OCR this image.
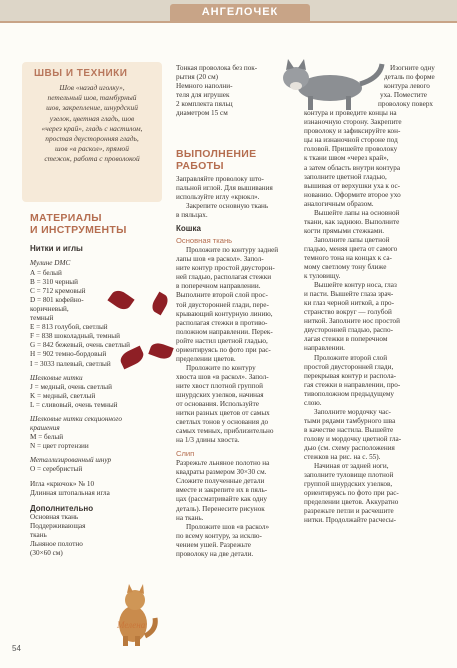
АНГЕЛОЧЕК
ШВЫ И ТЕХНИКИ
Шов «назад иголку»,
петельный шов, тамбурный
шов, закрепление, шнурдский
узелок, цветная гладь, шов
«через край», гладь с настилом,
простая двусторонняя гладь,
шов «в раскол», прямой
стежок, работа с проволокой
МАТЕРИАЛЫ
И ИНСТРУМЕНТЫ
Нитки и иглы
Мулине DMC
А = белый
В = 310 черный
С = 712 кремовый
D = 801 кофейно-
коричневый,
темный
Е = 813 голубой, светлый
F = 838 шоколадный, темный
G = 842 бежевый, очень светлый
Н = 902 темно-бордовый
I = 3033 палевый, светлый
Шелковые нитки
J = медный, очень светлый
K = медный, светлый
L = сливовый, очень темный
Шелковые нитки секционного
крашения
M = белый
N = цвет гортензии
Металлизированный шнур
O = серебристый
Игла «крючок» № 10
Длинная штопальная игла
Дополнительно
Основная ткань
Поддерживающая
ткань
Льняное полотно
(30×60 см)
Мелена
Тонкая проволока без пок-
рытия (20 см)
Немного наполни-
теля для игрушек
2 комплекта пяльц
диаметром 15 см
ВЫПОЛНЕНИЕ РАБОТЫ
Заправляйте проволоку што-
пальной иглой. Для вышивания
используйте иглу «крюкл».
Закрепите основную ткань
в пяльцах.
Кошка
Основная ткань
Проложите по контуру задней
лапы шов «в раскол». Запол-
ните контур простой двусторон-
ней гладью, располагая стежки
в поперечном направлении.
Выполните второй слой прос-
той двусторонней глади, пере-
крывающий контурную линию,
располагая стежки в противо-
положном направлении. Перек-
ройте настил цветной гладью,
ориентируясь по фото при рас-
пределении цветов.
Проложите по контуру
хвоста шов «в раскол». Запол-
ните хвост плотной группой
шнурдских узелков, начиная
от основания. Используйте
нитки разных цветов от самых
светлых тонов у основания до
самых темных, приблизительно
на 1/3 длины хвоста.
Слип
Разрежьте льняное полотно на
квадраты размером 30×30 см.
Сложите полученные детали
вместе и закрепите их в пяль-
цах (рассматривайте как одну
деталь). Перенесите рисунок
на ткань.
Проложите шов «в раскол»
по всему контуру, за исклю-
чением ушей. Разрежьте
проволоку на две детали.
Изогните одну
деталь по форме
контура левого
уха. Поместите
проволоку поверх
контура и проведите концы на
изнаночную сторону. Закрепите
проволоку и зафиксируйте кон-
цы на изнаночной стороне под
головой. Пришейте проволоку
к ткани швом «через край»,
а затем область внутри контура
заполните цветной гладью,
вышивая от верхушки уха к ос-
нованию. Оформите второе ухо
аналогичным образом.
Вышейте лапы на основной
ткани, как заднюю. Выполните
когти прямыми стежками.
Заполните лапы цветной
гладью, меняя цвета от самого
темного тона на концах к са-
мому светлому тону ближе
к туловищу.
Вышейте контур носа, глаз
и пасти. Вышейте глаза зрач-
ки глаз черной ниткой, а про-
странство вокруг — голубой
ниткой. Заполните нос простой
двусторонней гладью, распо-
лагая стежки в поперечном
направлении.
Проложите второй слой
простой двусторонней глади,
перекрывая контур и распола-
гая стежки в направлении, про-
тивоположном предыдущему
слою.
Заполните мордочку час-
тыми рядами тамбурного шва
в качестве настила. Вышейте
голову и мордочку цветной гла-
дью (см. схему расположения
стежков на рис. на с. 55).
Начиная от задней ноги,
заполните туловище плотной
группой шнурдских узелков,
ориентируясь по фото при рас-
пределении цветов. Аккуратно
разрежьте петли и расчешите
нитки. Продолжайте расчесы-
54
